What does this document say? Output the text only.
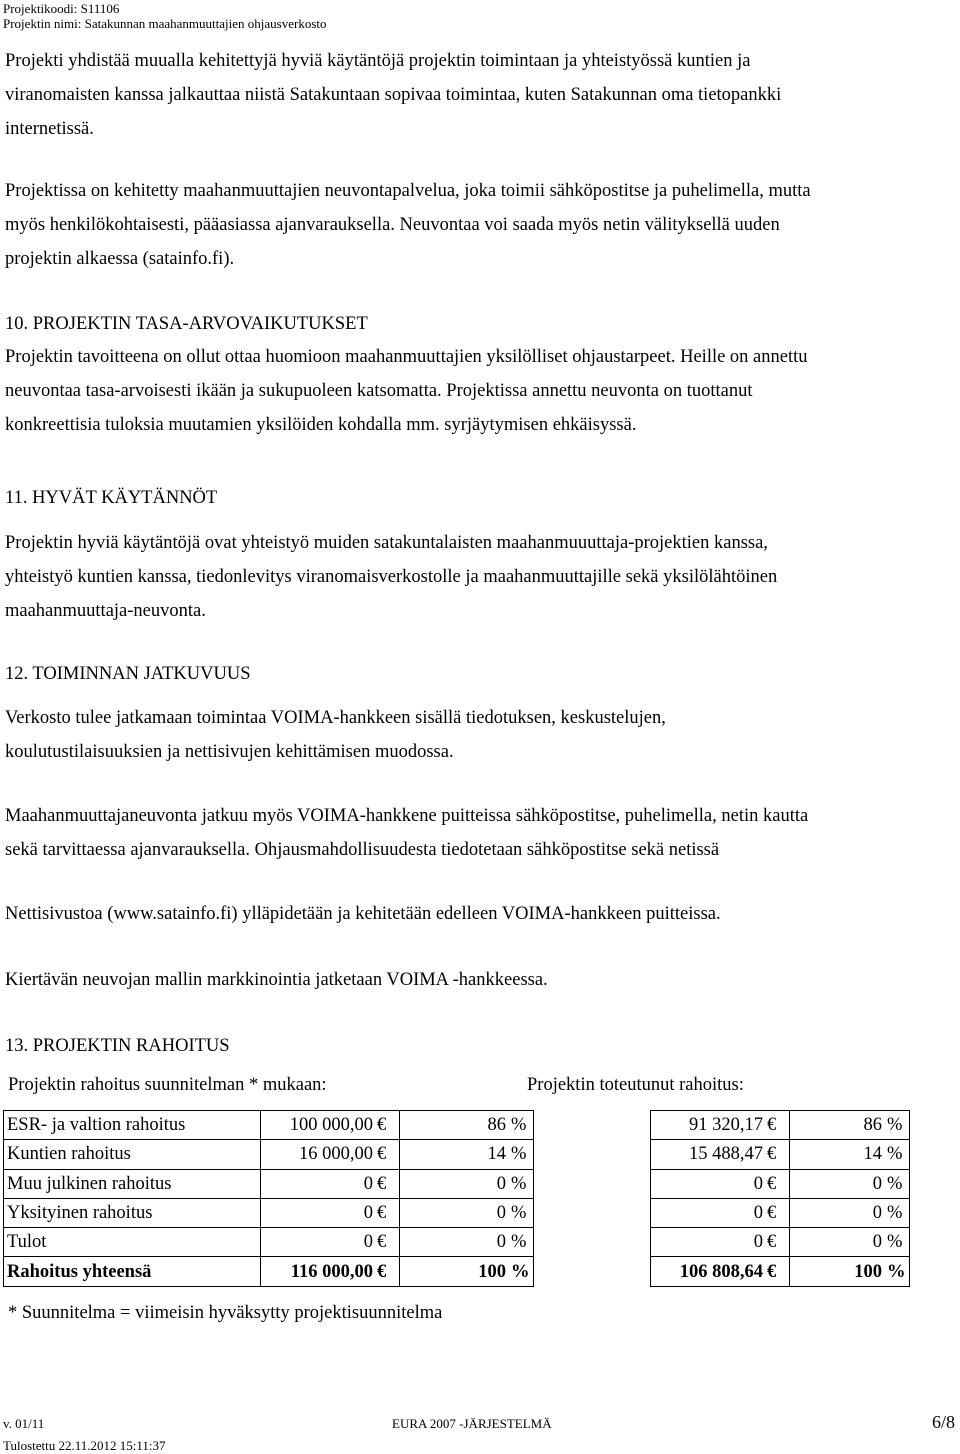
Projektikoodi: S11106
Projektin nimi: Satakunnan maahanmuuttajien ohjausverkosto

Projekti yhdistää muualla kehitettyjä hyviä käytäntöjä projektin toimintaan ja yhteistyössä kuntien ja
viranomaisten kanssa jalkauttaa niistä Satakuntaan sopivaa toimintaa, kuten Satakunnan oma tietopankki
internetissä.

Projektissa on kehitetty maahanmuuttajien neuvontapalvelua, joka toimii sähköpostitse ja puhelimella, mutta
myös henkilökohtaisesti, pääasiassa ajanvarauksella. Neuvontaa voi saada myös netin välityksellä uuden
projektin alkaessa (satainfo.fi).

10. PROJEKTIN TASA-ARVOVAIKUTUKSET

Projektin tavoitteena on ollut ottaa huomioon maahanmuuttajien yksilölliset ohjaustarpeet. Heille on annettu
neuvontaa tasa-arvoisesti ikään ja sukupuoleen katsomatta. Projektissa annettu neuvonta on tuottanut
konkreettisia tuloksia muutamien yksilöiden kohdalla mm. syrjäytymisen ehkäisyssä.

11. HYVÄT KÄYTÄNNÖT

Projektin hyviä käytäntöjä ovat yhteistyö muiden satakuntalaisten maahanmuuuttaja-projektien kanssa,
yhteistyö kuntien kanssa, tiedonlevitys viranomaisverkostolle ja maahanmuuttajille sekä yksilölähtöinen
maahanmuuttaja-neuvonta.

12. TOIMINNAN JATKUVUUS

Verkosto tulee jatkamaan toimintaa VOIMA-hankkeen sisällä tiedotuksen, keskustelujen,
koulutustilaisuuksien ja nettisivujen kehittämisen muodossa.

Maahanmuuttajaneuvonta jatkuu myös VOIMA-hankkene puitteissa sähköpostitse, puhelimella, netin kautta
sekä tarvittaessa ajanvarauksella. Ohjausmahdollisuudesta tiedotetaan sähköpostitse sekä netissä

Nettisivustoa (www.satainfo.fi) ylläpidetään ja kehitetään edelleen VOIMA-hankkeen puitteissa.

Kiertävän neuvojan mallin markkinointia jatketaan VOIMA -hankkeessa.

13. PROJEKTIN RAHOITUS
Projektin rahoitus suunnitelman * mukaan:	Projektin toteutunut rahoitus:
ESR- ja valtion rahoitus	100 000,00	€	86	%		91 320,17	€	86	%
Kuntien rahoitus	16 000,00	€	14	%		15 488,47	€	14	%
Muu julkinen rahoitus	0	€	0	%		0	€	0	%
Yksityinen rahoitus	0	€	0	%		0	€	0	%
Tulot	0	€	0	%		0	€	0	%
Rahoitus yhteensä	116 000,00	€	100	%		106 808,64	€	100	%
* Suunnitelma = viimeisin hyväksytty projektisuunnitelma
v. 01/11	EURA 2007 -JÄRJESTELMÄ	6/8
Tulostettu 22.11.2012 15:11:37
